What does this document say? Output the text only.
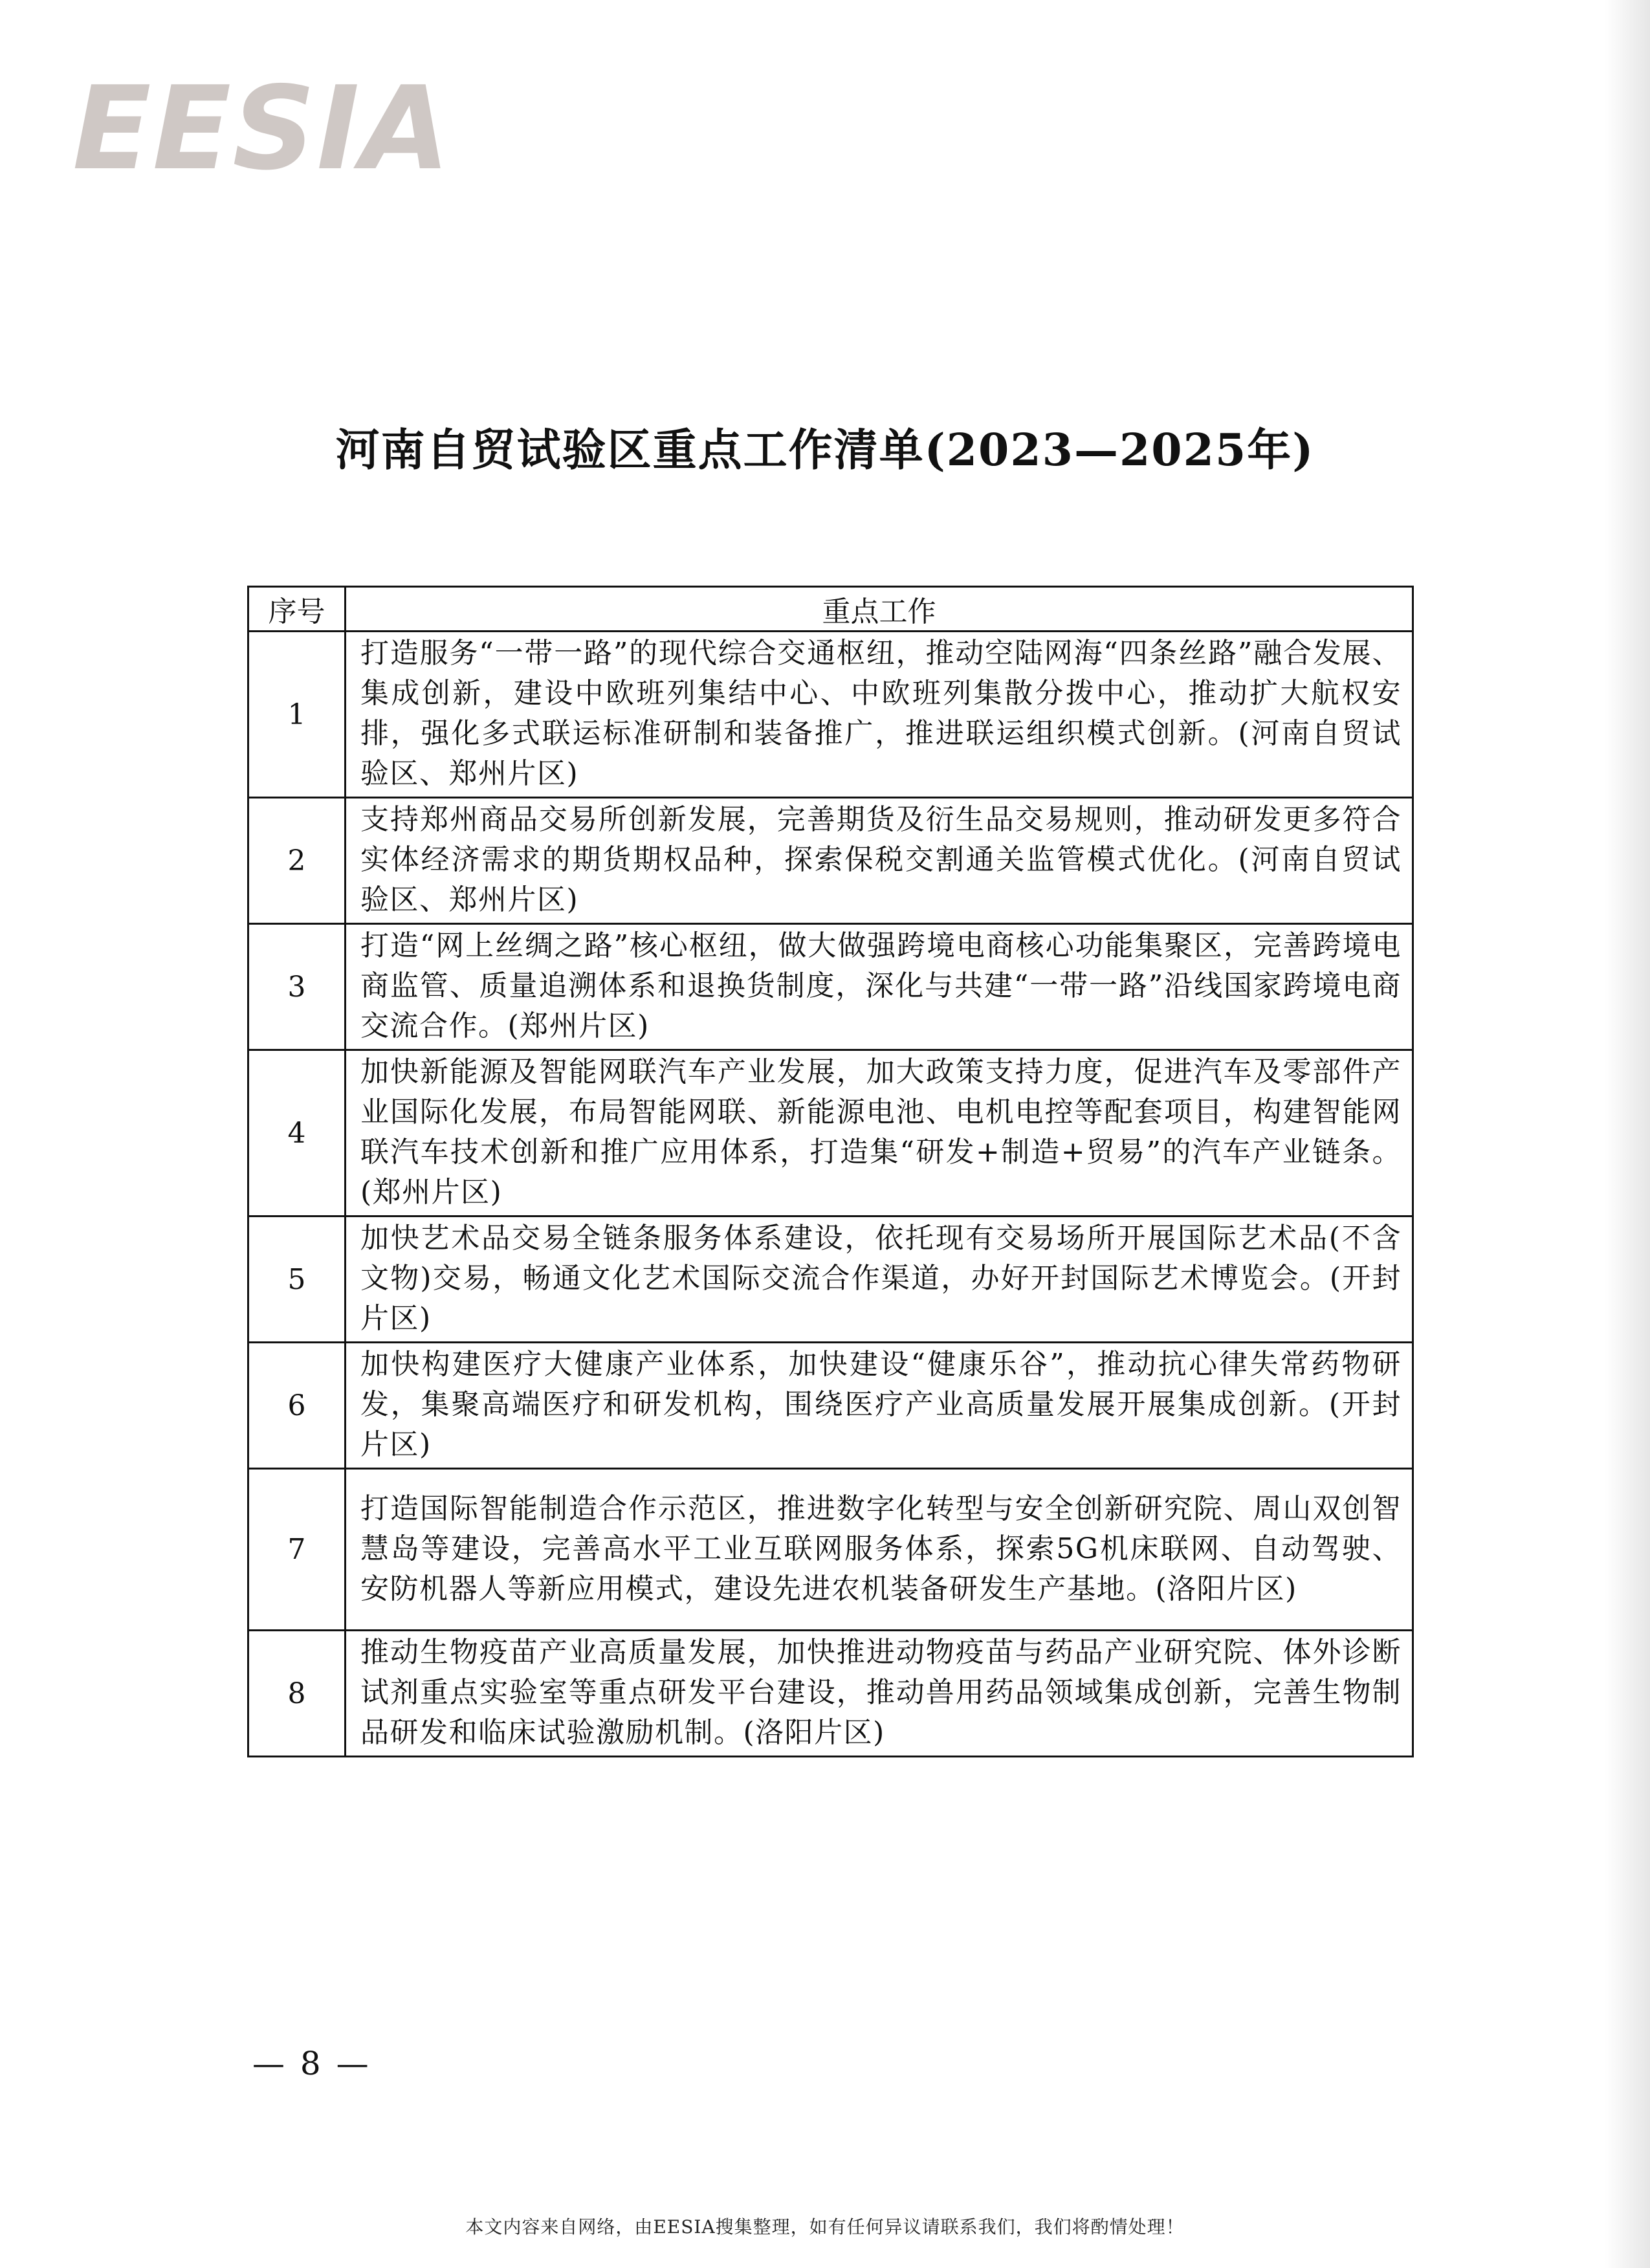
EESIA
河南自贸试验区重点工作清单(2023—2025年)
序号	重点工作
1	打造服务“一带一路”的现代综合交通枢纽，推动空陆网海“四条丝路”融合发展、集成创新，建设中欧班列集结中心、中欧班列集散分拨中心，推动扩大航权安排，强化多式联运标准研制和装备推广，推进联运组织模式创新。(河南自贸试验区、郑州片区)
2	支持郑州商品交易所创新发展，完善期货及衍生品交易规则，推动研发更多符合实体经济需求的期货期权品种，探索保税交割通关监管模式优化。(河南自贸试验区、郑州片区)
3	打造“网上丝绸之路”核心枢纽，做大做强跨境电商核心功能集聚区，完善跨境电商监管、质量追溯体系和退换货制度，深化与共建“一带一路”沿线国家跨境电商交流合作。(郑州片区)
4	加快新能源及智能网联汽车产业发展，加大政策支持力度，促进汽车及零部件产业国际化发展，布局智能网联、新能源电池、电机电控等配套项目，构建智能网联汽车技术创新和推广应用体系，打造集“研发+制造+贸易”的汽车产业链条。(郑州片区)
5	加快艺术品交易全链条服务体系建设，依托现有交易场所开展国际艺术品(不含文物)交易，畅通文化艺术国际交流合作渠道，办好开封国际艺术博览会。(开封片区)
6	加快构建医疗大健康产业体系，加快建设“健康乐谷”，推动抗心律失常药物研发，集聚高端医疗和研发机构，围绕医疗产业高质量发展开展集成创新。(开封片区)
7	打造国际智能制造合作示范区，推进数字化转型与安全创新研究院、周山双创智慧岛等建设，完善高水平工业互联网服务体系，探索5G机床联网、自动驾驶、安防机器人等新应用模式，建设先进农机装备研发生产基地。(洛阳片区)
8	推动生物疫苗产业高质量发展，加快推进动物疫苗与药品产业研究院、体外诊断试剂重点实验室等重点研发平台建设，推动兽用药品领域集成创新，完善生物制品研发和临床试验激励机制。(洛阳片区)
— 8 —
本文内容来自网络，由EESIA搜集整理，如有任何异议请联系我们，我们将酌情处理！
